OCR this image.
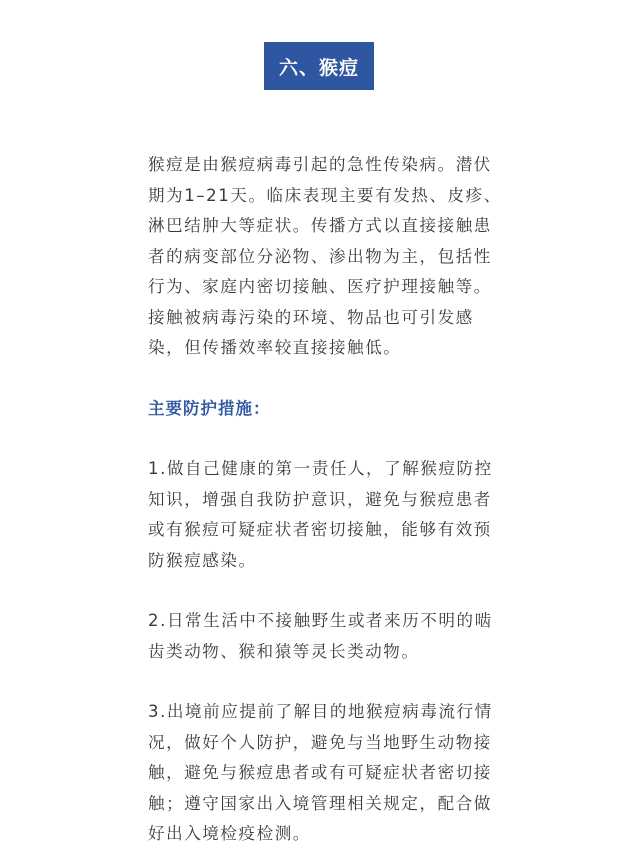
六、猴痘

猴痘是由猴痘病毒引起的急性传染病。潜伏期为1–21天。临床表现主要有发热、皮疹、淋巴结肿大等症状。传播方式以直接接触患者的病变部位分泌物、渗出物为主，包括性行为、家庭内密切接触、医疗护理接触等。接触被病毒污染的环境、物品也可引发感染，但传播效率较直接接触低。

主要防护措施：

1.做自己健康的第一责任人，了解猴痘防控知识，增强自我防护意识，避免与猴痘患者或有猴痘可疑症状者密切接触，能够有效预防猴痘感染。

2.日常生活中不接触野生或者来历不明的啮齿类动物、猴和猿等灵长类动物。

3.出境前应提前了解目的地猴痘病毒流行情况，做好个人防护，避免与当地野生动物接触，避免与猴痘患者或有可疑症状者密切接触；遵守国家出入境管理相关规定，配合做好出入境检疫检测。
